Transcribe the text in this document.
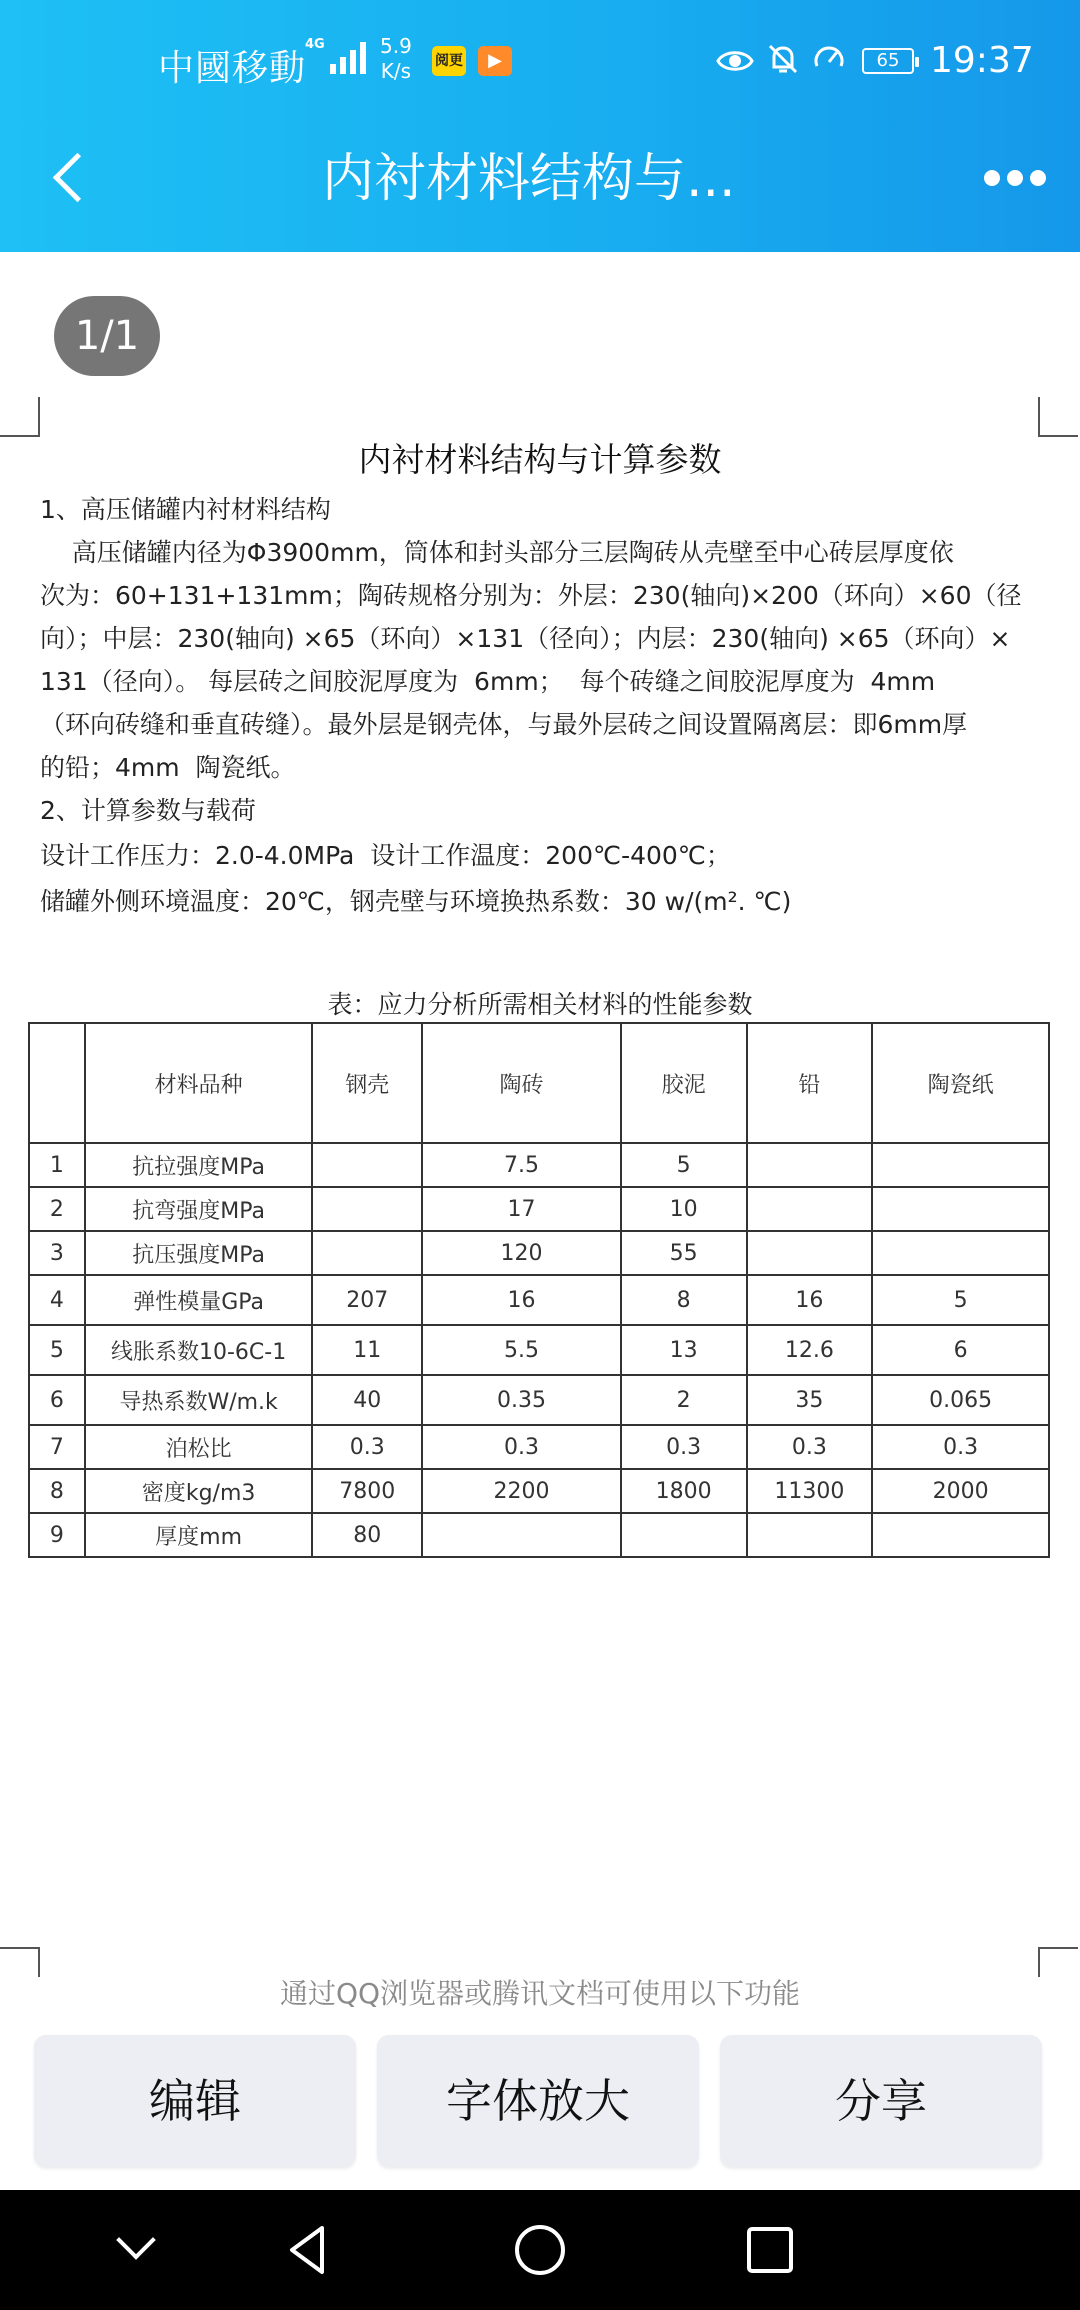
中國移動
4G	5.9
K/s 阅更	▶	65 19:37
内衬材料结构与...
1/1
内衬材料结构与计算参数

1、高压储罐内衬材料结构

高压储罐内径为Φ3900mm，筒体和封头部分三层陶砖从壳壁至中心砖层厚度依

次为：60+131+131mm；陶砖规格分别为：外层：230(轴向)×200（环向）×60（径

向）；中层：230(轴向) ×65（环向）×131（径向）；内层：230(轴向) ×65（环向）×

131（径向）。 每层砖之间胶泥厚度为  6mm；  每个砖缝之间胶泥厚度为  4mm

（环向砖缝和垂直砖缝）。最外层是钢壳体，与最外层砖之间设置隔离层：即6mm厚

的铅；4mm  陶瓷纸。

2、计算参数与载荷

设计工作压力：2.0-4.0MPa  设计工作温度：200℃-400℃；

储罐外侧环境温度：20℃，钢壳壁与环境换热系数：30 w/(m². ℃)

表：应力分析所需相关材料的性能参数
	材料品种	钢壳	陶砖	胶泥	铅	陶瓷纸
1	抗拉强度MPa		7.5	5		
2	抗弯强度MPa		17	10		
3	抗压强度MPa		120	55		
4	弹性模量GPa	207	16	8	16	5
5	线胀系数10-6C-1	11	5.5	13	12.6	6
6	导热系数W/m.k	40	0.35	2	35	0.065
7	泊松比	0.3	0.3	0.3	0.3	0.3
8	密度kg/m3	7800	2200	1800	11300	2000
9	厚度mm	80				
通过QQ浏览器或腾讯文档可使用以下功能
编辑	字体放大	分享
